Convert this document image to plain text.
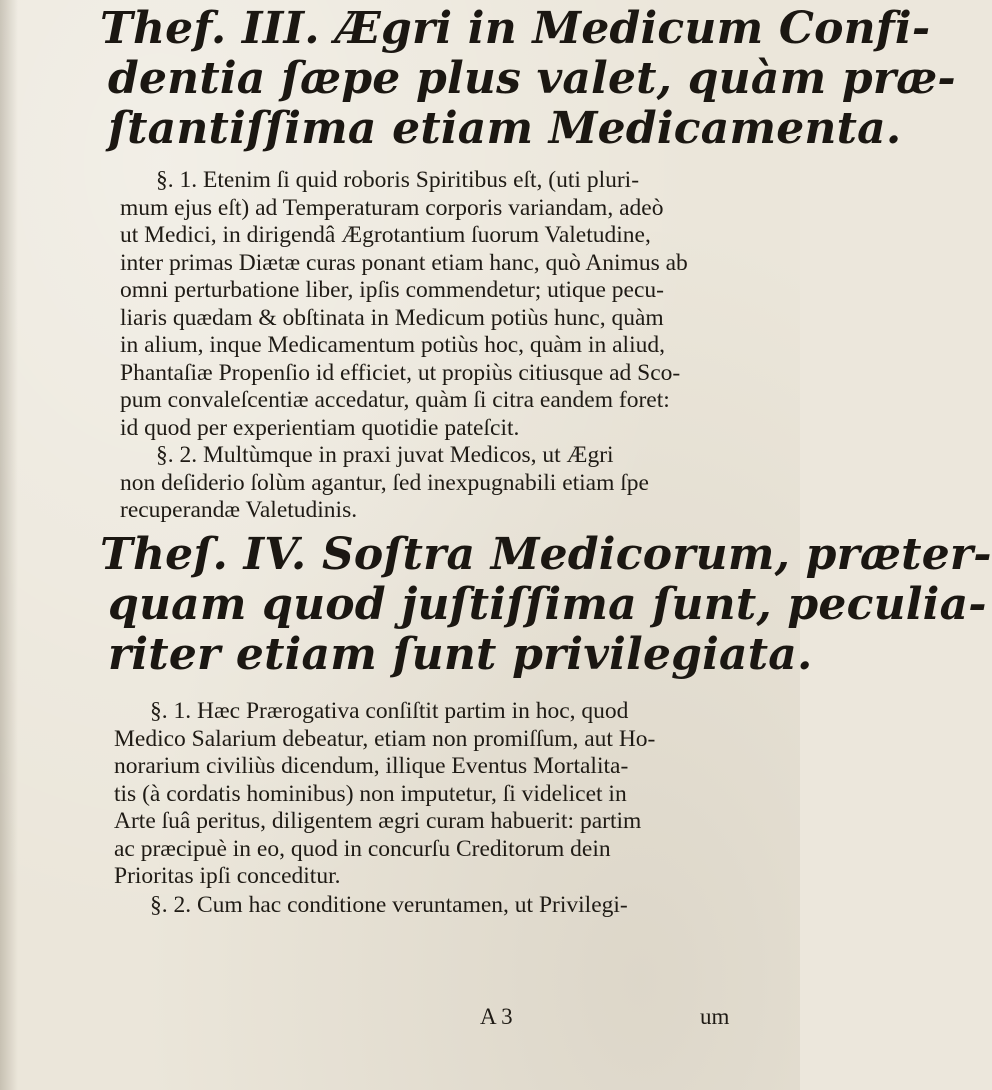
Thef. III. Ægri in Medicum Confi-
dentia ſæpe plus valet, quàm præ-
ſtantiſſima etiam Medicamenta.
§. 1. Etenim ſi quid roboris Spiritibus eſt, (uti pluri-
mum ejus eſt) ad Temperaturam corporis variandam, adeò
ut Medici, in dirigendâ Ægrotantium ſuorum Valetudine,
inter primas Diætæ curas ponant etiam hanc, quò Animus ab
omni perturbatione liber, ipſis commendetur; utique pecu-
liaris quædam & obſtinata in Medicum potiùs hunc, quàm
in alium, inque Medicamentum potiùs hoc, quàm in aliud,
Phantaſiæ Propenſio id efficiet, ut propiùs citiusque ad Sco-
pum convaleſcentiæ accedatur, quàm ſi citra eandem foret:
id quod per experientiam quotidie pateſcit.
§. 2. Multùmque in praxi juvat Medicos, ut Ægri
non deſiderio ſolùm agantur, ſed inexpugnabili etiam ſpe
recuperandæ Valetudinis.
Theſ. IV. Soſtra Medicorum, præter-
quam quod juſtiſſima ſunt, peculia-
riter etiam ſunt privilegiata.
§. 1. Hæc Prærogativa conſiſtit partim in hoc, quod
Medico Salarium debeatur, etiam non promiſſum, aut Ho-
norarium civiliùs dicendum, illique Eventus Mortalita-
tis (à cordatis hominibus) non imputetur, ſi videlicet in
Arte ſuâ peritus, diligentem ægri curam habuerit: partim
ac præcipuè in eo, quod in concurſu Creditorum dein
Prioritas ipſi conceditur.
§. 2. Cum hac conditione veruntamen, ut Privilegi-
A 3	um
